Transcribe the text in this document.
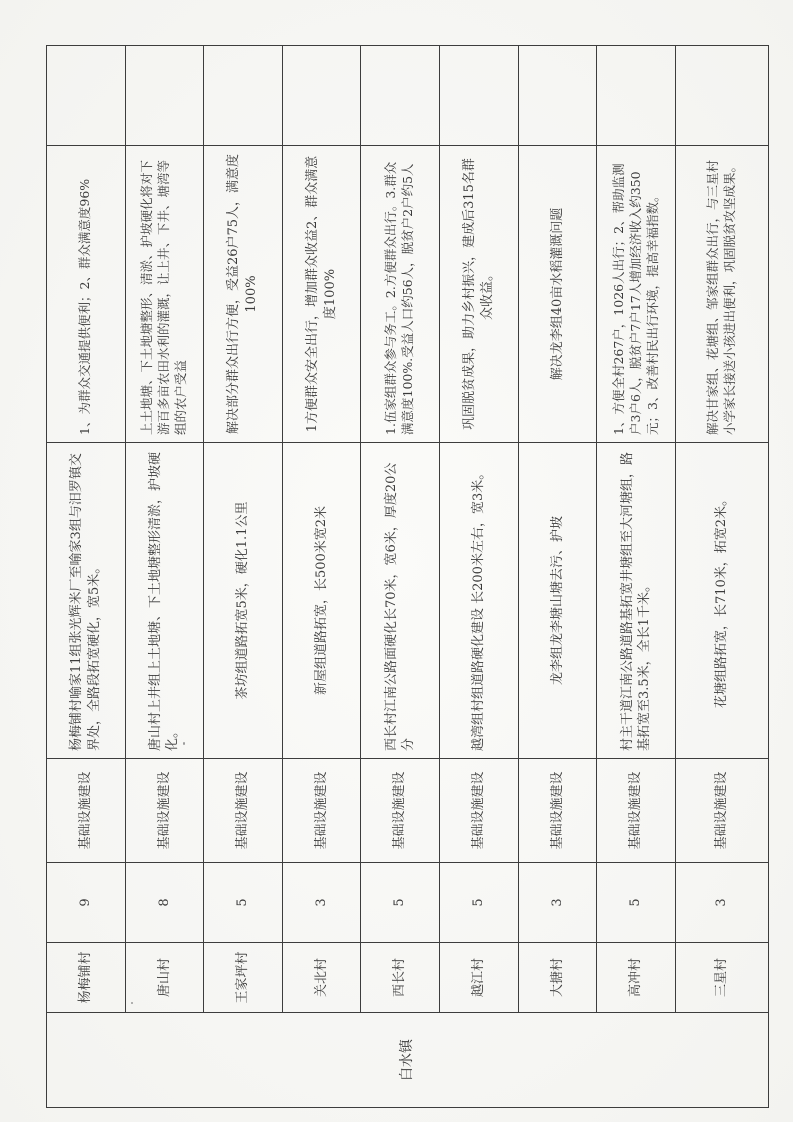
白水镇	杨梅铺村	9	基础设施建设	杨梅铺村喻家11组张光辉米厂至喻家3组与汨罗镇交界处，全路段拓宽硬化，宽5米。	1、为群众交通提供便利；2、群众满意度96%	
	唐山村	8	基础设施建设	唐山村上井组上土地塘、下土地塘整形清淤，护坡硬化。	上土地塘、下土地塘整形、清淤、护坡硬化将对下游百多亩农田水利的灌溉，让上井、下井、塘湾等组的农户受益	
	王家坪村	5	基础设施建设	茶坊组道路拓宽5米，硬化1.1公里	解决部分群众出行方便，受益26户75人，满意度100%	
	关北村	3	基础设施建设	新屋组道路拓宽，长500米宽2米	1方便群众安全出行，增加群众收益2、群众满意度100%	
	西长村	5	基础设施建设	西长村江南公路面硬化长70米，宽6米，厚度20公分	1.伍家组群众参与务工。2.方便群众出行。3.群众满意度100%.受益人口约56人，脱贫户2户约5人	
	越江村	5	基础设施建设	越湾组村组道路硬化建设 长200米左右，宽3米。	巩固脱贫成果，助力乡村振兴，建成后315名群众收益。	
	大搪村	3	基础设施建设	龙李组龙李塘山塘去污、护坡	解决龙李组40亩水稻灌溉问题	
	高冲村	5	基础设施建设	村主干道江南公路道路基拓宽井塘组至大河塘组，路基拓宽至3.5米，全长1千米。	1、方便全村267户，1026人出行；2、帮助监测户3户6人，脱贫户7户17人增加经济收入约350元；3、改善村民出行环境，提高幸福指数。	
	三星村	3	基础设施建设	花塘组路拓宽，长710米，拓宽2米。	解决甘家组、花塘组、邹家组群众出行，与三星村小学家长接送小孩进出便利，巩固脱贫攻坚成果。	
